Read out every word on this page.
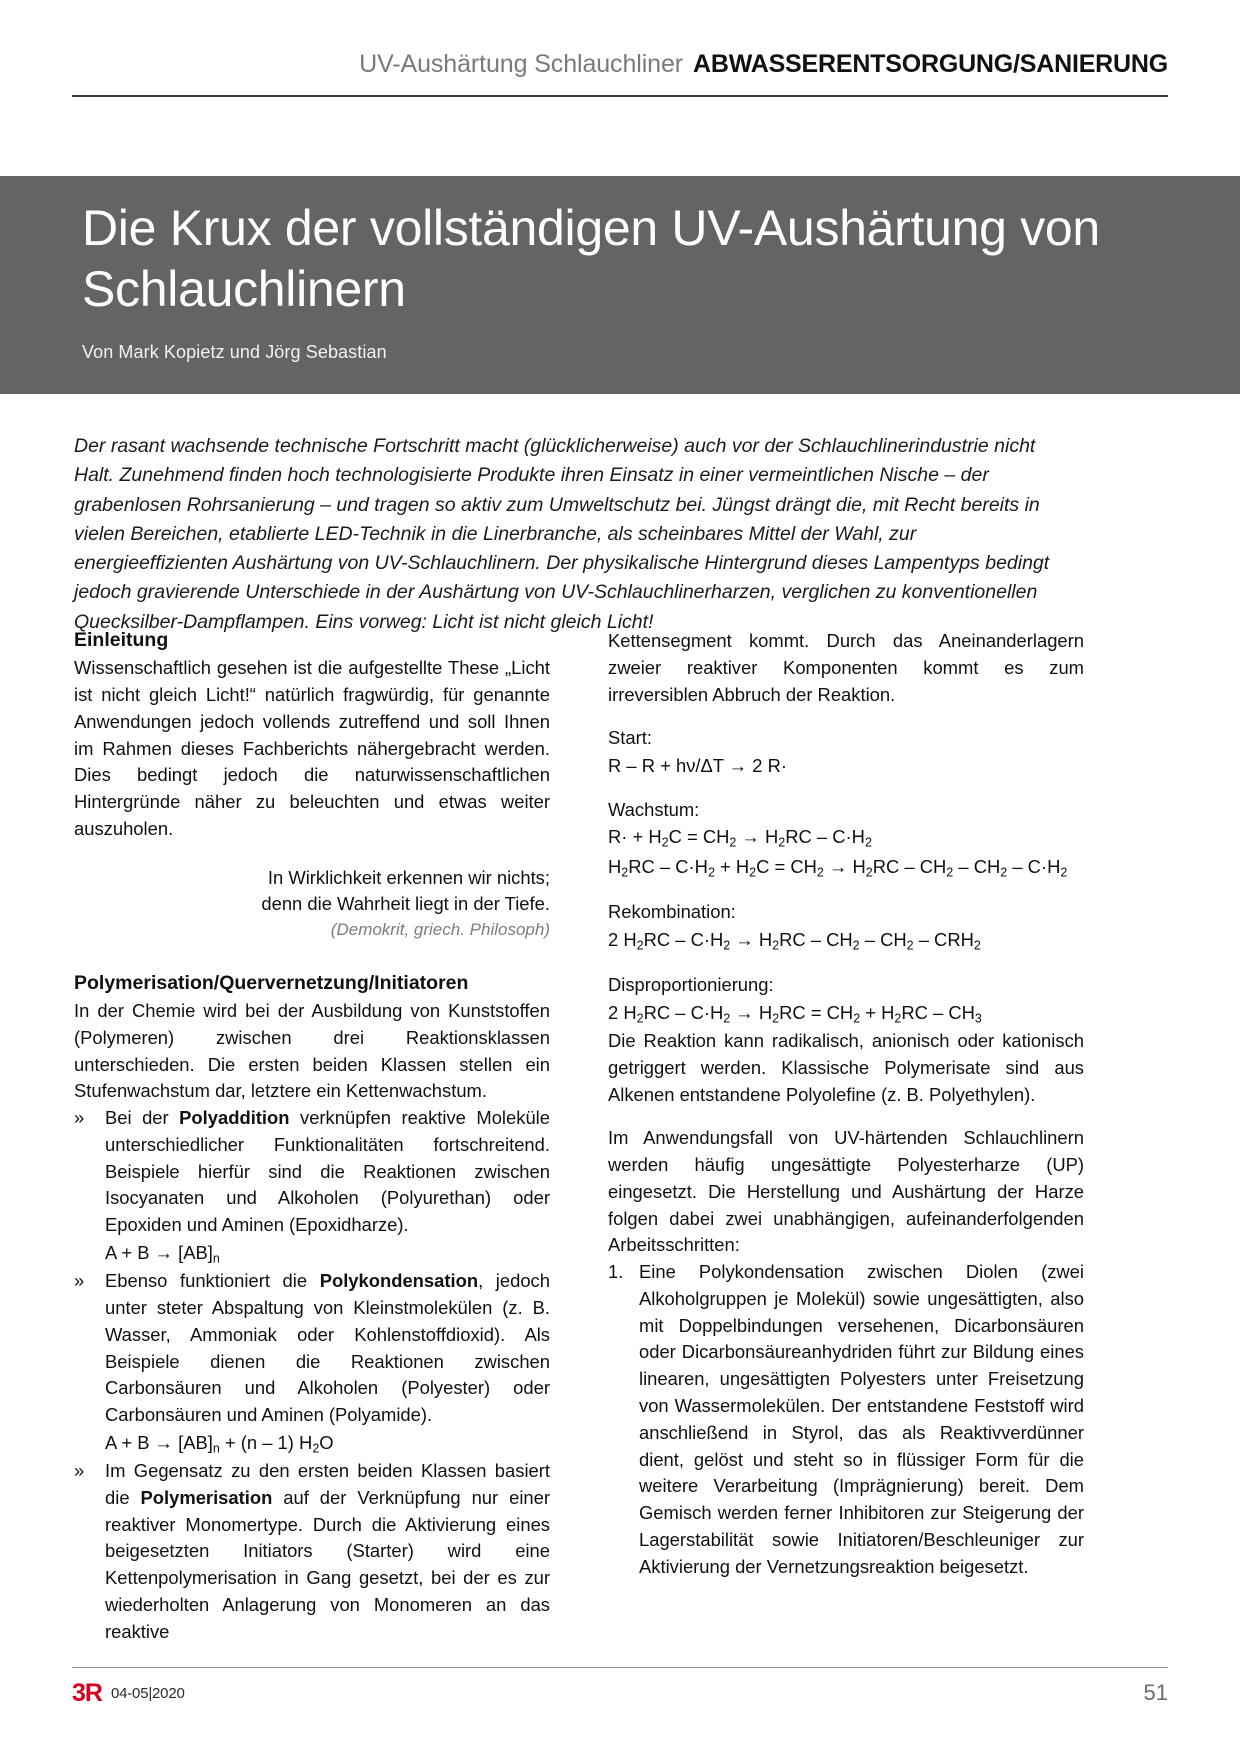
UV-Aushärtung Schlauchliner ABWASSERENTSORGUNG/SANIERUNG
Die Krux der vollständigen UV-Aushärtung von Schlauchlinern
Von Mark Kopietz und Jörg Sebastian
Der rasant wachsende technische Fortschritt macht (glücklicherweise) auch vor der Schlauchlinerindustrie nicht Halt. Zunehmend finden hoch technologisierte Produkte ihren Einsatz in einer vermeintlichen Nische – der grabenlosen Rohrsanierung – und tragen so aktiv zum Umweltschutz bei. Jüngst drängt die, mit Recht bereits in vielen Bereichen, etablierte LED-Technik in die Linerbranche, als scheinbares Mittel der Wahl, zur energieeffizienten Aushärtung von UV-Schlauchlinern. Der physikalische Hintergrund dieses Lampentyps bedingt jedoch gravierende Unterschiede in der Aushärtung von UV-Schlauchlinerharzen, verglichen zu konventionellen Quecksilber-Dampflampen. Eins vorweg: Licht ist nicht gleich Licht!
Einleitung

Wissenschaftlich gesehen ist die aufgestellte These „Licht ist nicht gleich Licht!“ natürlich fragwürdig, für genannte Anwendungen jedoch vollends zutreffend und soll Ihnen im Rahmen dieses Fachberichts nähergebracht werden. Dies bedingt jedoch die naturwissenschaftlichen Hintergründe näher zu beleuchten und etwas weiter auszuholen.

In Wirklichkeit erkennen wir nichts;
denn die Wahrheit liegt in der Tiefe.
(Demokrit, griech. Philosoph)
Polymerisation/Quervernetzung/Initiatoren

In der Chemie wird bei der Ausbildung von Kunststoffen (Polymeren) zwischen drei Reaktionsklassen unterschieden. Die ersten beiden Klassen stellen ein Stufenwachstum dar, letztere ein Kettenwachstum.

» Bei der Polyaddition verknüpfen reaktive Moleküle unterschiedlicher Funktionalitäten fortschreitend. Beispiele hierfür sind die Reaktionen zwischen Isocyanaten und Alkoholen (Polyurethan) oder Epoxiden und Aminen (Epoxidharze).
$A + B \to [AB]_n$
» Ebenso funktioniert die Polykondensation, jedoch unter steter Abspaltung von Kleinstmolekülen (z. B. Wasser, Ammoniak oder Kohlenstoffdioxid). Als Beispiele dienen die Reaktionen zwischen Carbonsäuren und Alkoholen (Polyester) oder Carbonsäuren und Aminen (Polyamide).
$A + B \to [AB]_n + (n - 1)$ $H_2O$
» Im Gegensatz zu den ersten beiden Klassen basiert die Polymerisation auf der Verknüpfung nur einer reaktiver Monomertype. Durch die Aktivierung eines beigesetzten Initiators (Starter) wird eine Kettenpolymerisation in Gang gesetzt, bei der es zur wiederholten Anlagerung von Monomeren an das reaktive

Kettensegment kommt. Durch das Aneinanderlagern zweier reaktiver Komponenten kommt es zum irreversiblen Abbruch der Reaktion.

Start:

R – R + hν/ΔT → 2 R·

Wachstum:

$R\cdot + H_2C = CH_2 \to H_2RC - C\cdot H_2$
$H_2RC - C\cdot H_2 + H_2C = CH_2 \to H_2RC - CH_2 - CH_2 - C\cdot H_2$

Rekombination:

2 $H_2RC - C\cdot H_2 \to H_2RC - CH_2 - CH_2 - CRH_2$

Disproportionierung:

2 $H_2RC - C\cdot H_2 \to H_2RC = CH_2 + H_2RC - CH_3$

Die Reaktion kann radikalisch, anionisch oder kationisch getriggert werden. Klassische Polymerisate sind aus Alkenen entstandene Polyolefine (z. B. Polyethylen).

Im Anwendungsfall von UV-härtenden Schlauchlinern werden häufig ungesättigte Polyesterharze (UP) eingesetzt. Die Herstellung und Aushärtung der Harze folgen dabei zwei unabhängigen, aufeinanderfolgenden Arbeitsschritten:

1. Eine Polykondensation zwischen Diolen (zwei Alkoholgruppen je Molekül) sowie ungesättigten, also mit Doppelbindungen versehenen, Dicarbonsäuren oder Dicarbonsäureanhydriden führt zur Bildung eines linearen, ungesättigten Polyesters unter Freisetzung von Wassermolekülen. Der entstandene Feststoff wird anschließend in Styrol, das als Reaktivverdünner dient, gelöst und steht so in flüssiger Form für die weitere Verarbeitung (Imprägnierung) bereit. Dem Gemisch werden ferner Inhibitoren zur Steigerung der Lagerstabilität sowie Initiatoren/Beschleuniger zur Aktivierung der Vernetzungsreaktion beigesetzt.
3R 04-05|2020	51
